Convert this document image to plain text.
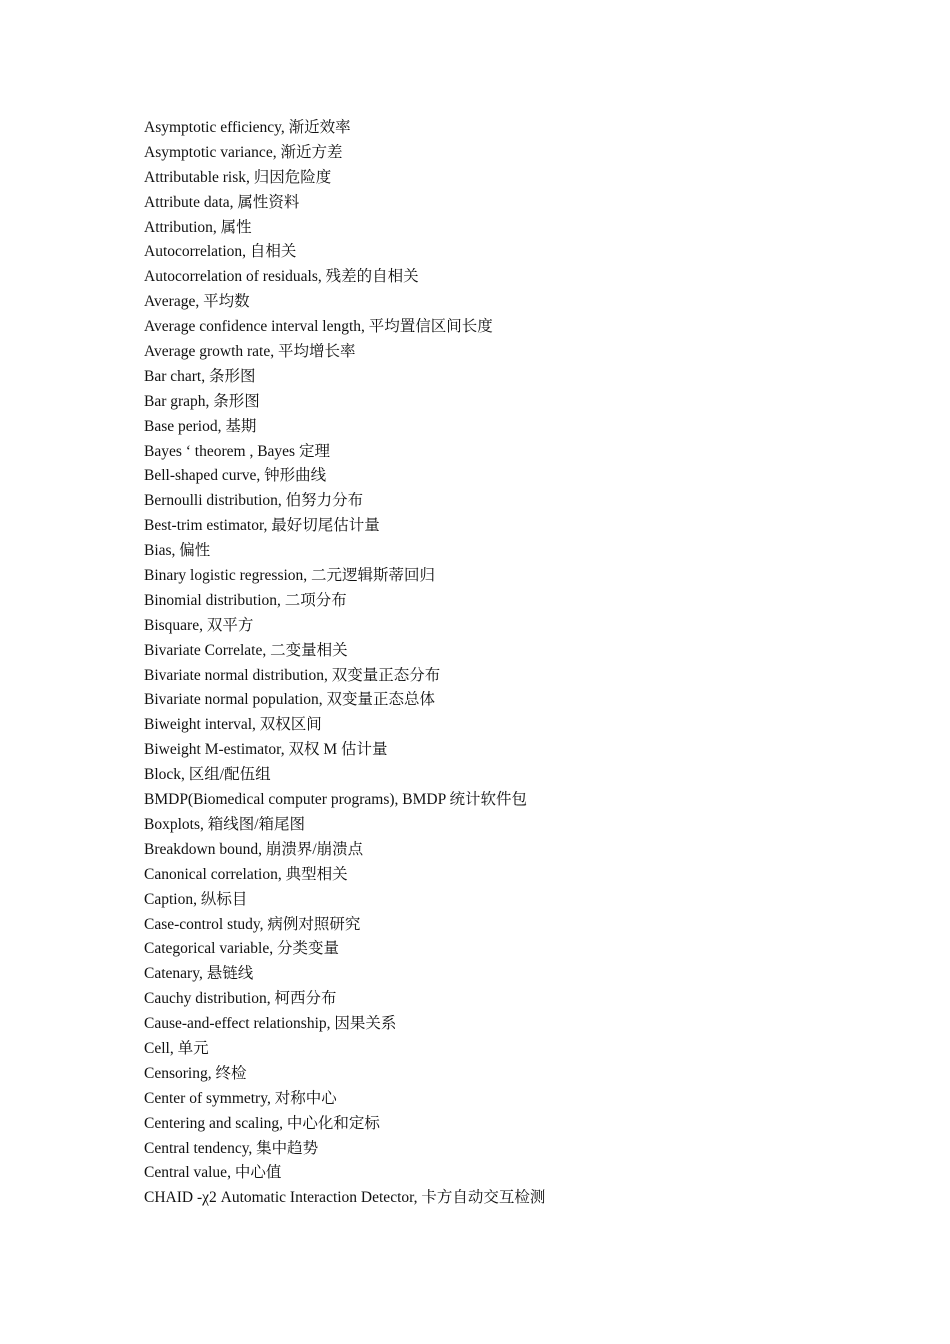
Asymptotic efficiency, 渐近效率
Asymptotic variance, 渐近方差
Attributable risk, 归因危险度
Attribute data, 属性资料
Attribution, 属性
Autocorrelation, 自相关
Autocorrelation of residuals, 残差的自相关
Average, 平均数
Average confidence interval length, 平均置信区间长度
Average growth rate, 平均增长率
Bar chart, 条形图
Bar graph, 条形图
Base period, 基期
Bayes ‘ theorem , Bayes 定理
Bell-shaped curve, 钟形曲线
Bernoulli distribution, 伯努力分布
Best-trim estimator, 最好切尾估计量
Bias, 偏性
Binary logistic regression, 二元逻辑斯蒂回归
Binomial distribution, 二项分布
Bisquare, 双平方
Bivariate Correlate, 二变量相关
Bivariate normal distribution, 双变量正态分布
Bivariate normal population, 双变量正态总体
Biweight interval, 双权区间
Biweight M-estimator, 双权 M 估计量
Block, 区组/配伍组
BMDP(Biomedical computer programs), BMDP 统计软件包
Boxplots, 箱线图/箱尾图
Breakdown bound, 崩溃界/崩溃点
Canonical correlation, 典型相关
Caption, 纵标目
Case-control study, 病例对照研究
Categorical variable, 分类变量
Catenary, 悬链线
Cauchy distribution, 柯西分布
Cause-and-effect relationship, 因果关系
Cell, 单元
Censoring, 终检
Center of symmetry, 对称中心
Centering and scaling, 中心化和定标
Central tendency, 集中趋势
Central value, 中心值
CHAID -χ2 Automatic Interaction Detector, 卡方自动交互检测
